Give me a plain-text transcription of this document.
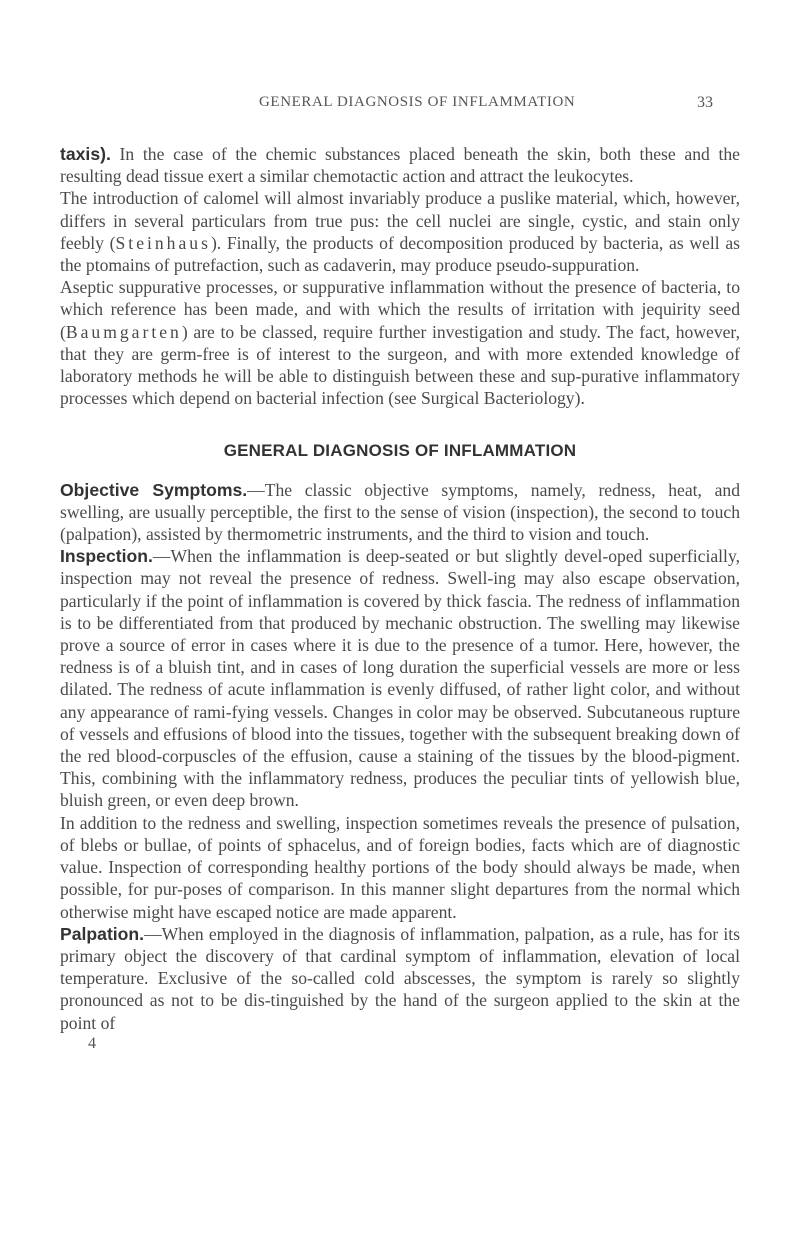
GENERAL DIAGNOSIS OF INFLAMMATION	33

taxis). In the case of the chemic substances placed beneath the skin, both these and the resulting dead tissue exert a similar chemotactic action and attract the leukocytes.

The introduction of calomel will almost invariably produce a puslike material, which, however, differs in several particulars from true pus: the cell nuclei are single, cystic, and stain only feebly (Steinhaus). Finally, the products of decomposition produced by bacteria, as well as the ptomains of putrefaction, such as cadaverin, may produce pseudo-suppuration.

Aseptic suppurative processes, or suppurative inflammation without the presence of bacteria, to which reference has been made, and with which the results of irritation with jequirity seed (Baumgarten) are to be classed, require further investigation and study. The fact, however, that they are germ-free is of interest to the surgeon, and with more extended knowledge of laboratory methods he will be able to distinguish between these and sup-purative inflammatory processes which depend on bacterial infection (see Surgical Bacteriology).

GENERAL DIAGNOSIS OF INFLAMMATION

Objective Symptoms.—The classic objective symptoms, namely, redness, heat, and swelling, are usually perceptible, the first to the sense of vision (inspection), the second to touch (palpation), assisted by thermometric instruments, and the third to vision and touch.

Inspection.—When the inflammation is deep-seated or but slightly devel-oped superficially, inspection may not reveal the presence of redness. Swell-ing may also escape observation, particularly if the point of inflammation is covered by thick fascia. The redness of inflammation is to be differentiated from that produced by mechanic obstruction. The swelling may likewise prove a source of error in cases where it is due to the presence of a tumor. Here, however, the redness is of a bluish tint, and in cases of long duration the superficial vessels are more or less dilated. The redness of acute inflammation is evenly diffused, of rather light color, and without any appearance of rami-fying vessels. Changes in color may be observed. Subcutaneous rupture of vessels and effusions of blood into the tissues, together with the subsequent breaking down of the red blood-corpuscles of the effusion, cause a staining of the tissues by the blood-pigment. This, combining with the inflammatory redness, produces the peculiar tints of yellowish blue, bluish green, or even deep brown.

In addition to the redness and swelling, inspection sometimes reveals the presence of pulsation, of blebs or bullae, of points of sphacelus, and of foreign bodies, facts which are of diagnostic value. Inspection of corresponding healthy portions of the body should always be made, when possible, for pur-poses of comparison. In this manner slight departures from the normal which otherwise might have escaped notice are made apparent.

Palpation.—When employed in the diagnosis of inflammation, palpation, as a rule, has for its primary object the discovery of that cardinal symptom of inflammation, elevation of local temperature. Exclusive of the so-called cold abscesses, the symptom is rarely so slightly pronounced as not to be dis-tinguished by the hand of the surgeon applied to the skin at the point of

4
